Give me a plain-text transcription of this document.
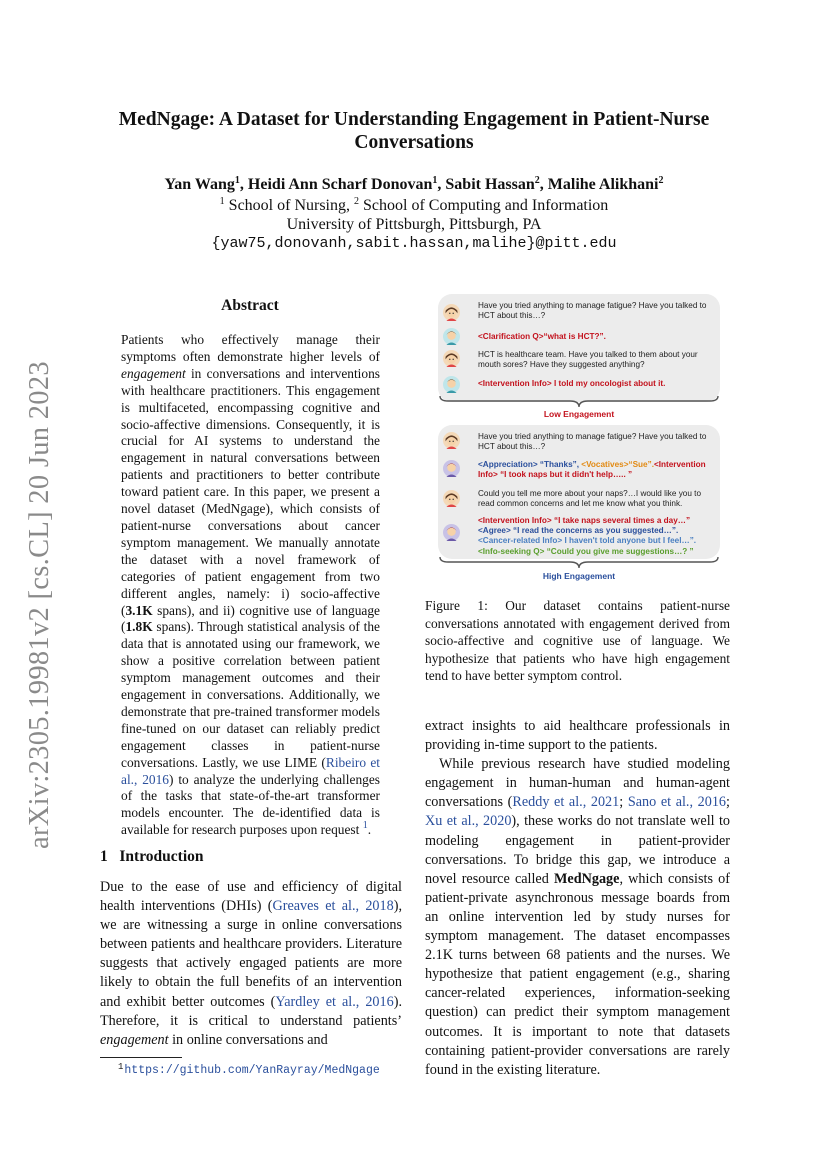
arXiv:2305.19981v2 [cs.CL] 20 Jun 2023
MedNgage: A Dataset for Understanding Engagement in Patient-Nurse
Conversations
Yan Wang$^1$, Heidi Ann Scharf Donovan$^1$, Sabit Hassan$^2$, Malihe Alikhani$^2$
$^1$ School of Nursing, $^2$ School of Computing and Information
University of Pittsburgh, Pittsburgh, PA
{yaw75,donovanh,sabit.hassan,malihe}@pitt.edu
Abstract
Patients who effectively manage their symptoms often demonstrate higher levels of engagement in conversations and interventions with healthcare practitioners. This engagement is multifaceted, encompassing cognitive and socio-affective dimensions. Consequently, it is crucial for AI systems to understand the engagement in natural conversations between patients and practitioners to better contribute toward patient care. In this paper, we present a novel dataset (MedNgage), which consists of patient-nurse conversations about cancer symptom management. We manually annotate the dataset with a novel framework of categories of patient engagement from two different angles, namely: i) socio-affective (3.1K spans), and ii) cognitive use of language (1.8K spans). Through statistical analysis of the data that is annotated using our framework, we show a positive correlation between patient symptom management outcomes and their engagement in conversations. Additionally, we demonstrate that pre-trained transformer models fine-tuned on our dataset can reliably predict engagement classes in patient-nurse conversations. Lastly, we use LIME (Ribeiro et al., 2016) to analyze the underlying challenges of the tasks that state-of-the-art transformer models encounter. The de-identified data is available for research purposes upon request $^1$.
1 Introduction
Due to the ease of use and efficiency of digital health interventions (DHIs) (Greaves et al., 2018), we are witnessing a surge in online conversations between patients and healthcare providers. Literature suggests that actively engaged patients are more likely to obtain the full benefits of an intervention and exhibit better outcomes (Yardley et al., 2016). Therefore, it is critical to understand patients’ engagement in online conversations and
$^1$https://github.com/YanRayray/MedNgage
Have you tried anything to manage fatigue? Have you talked to HCT about this…?
<Clarification Q>“what is HCT?”.
HCT is healthcare team. Have you talked to them about your mouth sores? Have they suggested anything?
<Intervention Info> I told my oncologist about it.
Low Engagement
Have you tried anything to manage fatigue? Have you talked to HCT about this…?
<Appreciation> “Thanks”, <Vocatives>“Sue”.<Intervention Info> “I took naps but it didn't help….. ”
Could you tell me more about your naps?…I would like you to read common concerns and let me know what you think.
<Intervention Info> “I take naps several times a day…”
<Agree> “I read the concerns as you suggested…”.
<Cancer-related Info> I haven't told anyone but I feel…”.
<Info-seeking Q> “Could you give me suggestions…? ”
High Engagement
Figure 1: Our dataset contains patient-nurse conversations annotated with engagement derived from socio-affective and cognitive use of language. We hypothesize that patients who have high engagement tend to have better symptom control.

extract insights to aid healthcare professionals in providing in-time support to the patients.

While previous research have studied modeling engagement in human-human and human-agent conversations (Reddy et al., 2021; Sano et al., 2016; Xu et al., 2020), these works do not translate well to modeling engagement in patient-provider conversations. To bridge this gap, we introduce a novel resource called MedNgage, which consists of patient-private asynchronous message boards from an online intervention led by study nurses for symptom management. The dataset encompasses 2.1K turns between 68 patients and the nurses. We hypothesize that patient engagement (e.g., sharing cancer-related experiences, information-seeking question) can predict their symptom management outcomes. It is important to note that datasets containing patient-provider conversations are rarely found in the existing literature.
